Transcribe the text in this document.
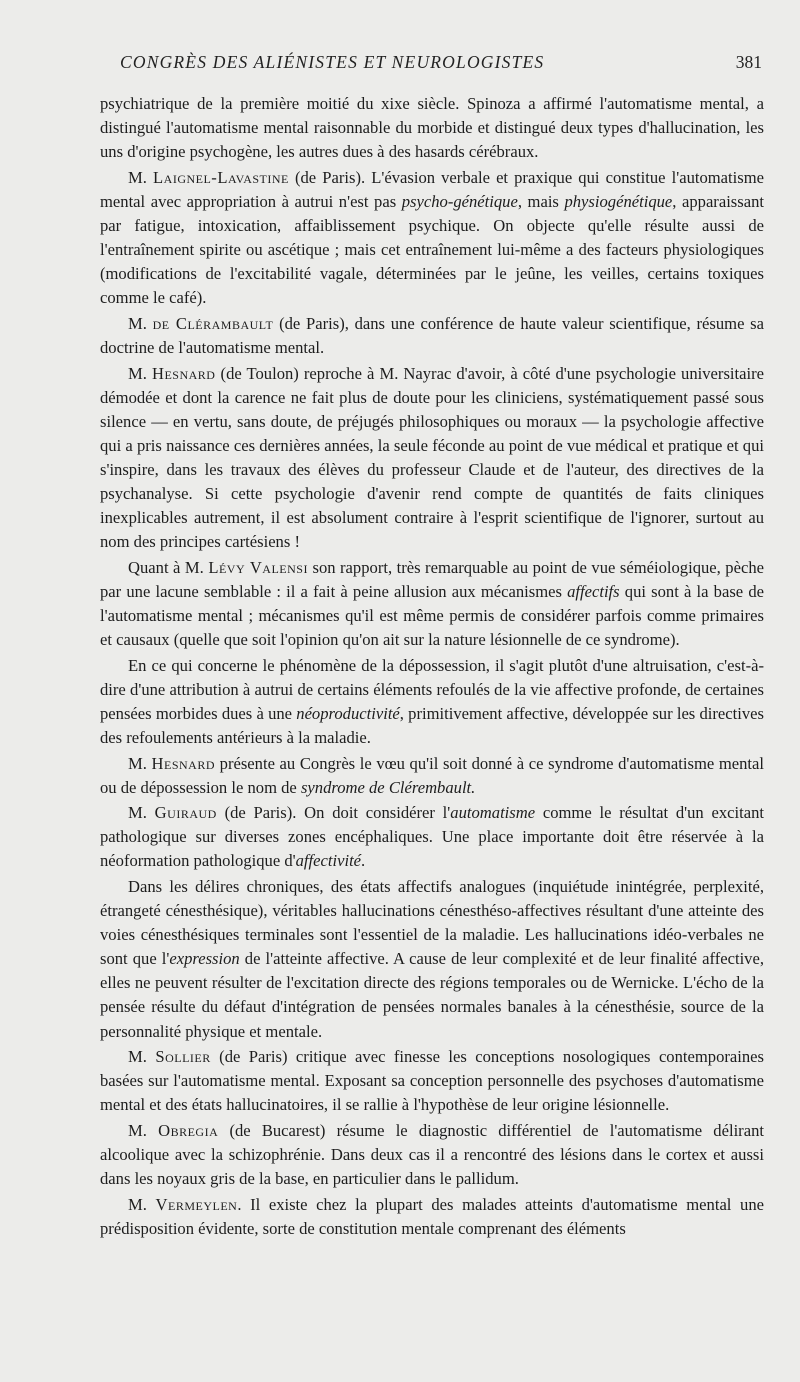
CONGRÈS DES ALIÉNISTES ET NEUROLOGISTES	381

psychiatrique de la première moitié du xixe siècle. Spinoza a affirmé l'automatisme mental, a distingué l'automatisme mental raisonnable du morbide et distingué deux types d'hallucination, les uns d'origine psychogène, les autres dues à des hasards cérébraux.

M. Laignel-Lavastine (de Paris). L'évasion verbale et praxique qui constitue l'automatisme mental avec appropriation à autrui n'est pas psycho-génétique, mais physiogénétique, apparaissant par fatigue, intoxication, affaiblissement psychique. On objecte qu'elle résulte aussi de l'entraînement spirite ou ascétique ; mais cet entraînement lui-même a des facteurs physiologiques (modifications de l'excitabilité vagale, déterminées par le jeûne, les veilles, certains toxiques comme le café).

M. de Clérambault (de Paris), dans une conférence de haute valeur scientifique, résume sa doctrine de l'automatisme mental.

M. Hesnard (de Toulon) reproche à M. Nayrac d'avoir, à côté d'une psychologie universitaire démodée et dont la carence ne fait plus de doute pour les cliniciens, systématiquement passé sous silence — en vertu, sans doute, de préjugés philosophiques ou moraux — la psychologie affective qui a pris naissance ces dernières années, la seule féconde au point de vue médical et pratique et qui s'inspire, dans les travaux des élèves du professeur Claude et de l'auteur, des directives de la psychanalyse. Si cette psychologie d'avenir rend compte de quantités de faits cliniques inexplicables autrement, il est absolument contraire à l'esprit scientifique de l'ignorer, surtout au nom des principes cartésiens !

Quant à M. Lévy Valensi son rapport, très remarquable au point de vue séméiologique, pèche par une lacune semblable : il a fait à peine allusion aux mécanismes affectifs qui sont à la base de l'automatisme mental ; mécanismes qu'il est même permis de considérer parfois comme primaires et causaux (quelle que soit l'opinion qu'on ait sur la nature lésionnelle de ce syndrome).

En ce qui concerne le phénomène de la dépossession, il s'agit plutôt d'une altruisation, c'est-à-dire d'une attribution à autrui de certains éléments refoulés de la vie affective profonde, de certaines pensées morbides dues à une néoproductivité, primitivement affective, développée sur les directives des refoulements antérieurs à la maladie.

M. Hesnard présente au Congrès le vœu qu'il soit donné à ce syndrome d'automatisme mental ou de dépossession le nom de syndrome de Clérembault.

M. Guiraud (de Paris). On doit considérer l'automatisme comme le résultat d'un excitant pathologique sur diverses zones encéphaliques. Une place importante doit être réservée à la néoformation pathologique d'affectivité.

Dans les délires chroniques, des états affectifs analogues (inquiétude inintégrée, perplexité, étrangeté cénesthésique), véritables hallucinations cénesthéso-affectives résultant d'une atteinte des voies cénesthésiques terminales sont l'essentiel de la maladie. Les hallucinations idéo-verbales ne sont que l'expression de l'atteinte affective. A cause de leur complexité et de leur finalité affective, elles ne peuvent résulter de l'excitation directe des régions temporales ou de Wernicke. L'écho de la pensée résulte du défaut d'intégration de pensées normales banales à la cénesthésie, source de la personnalité physique et mentale.

M. Sollier (de Paris) critique avec finesse les conceptions nosologiques contemporaines basées sur l'automatisme mental. Exposant sa conception personnelle des psychoses d'automatisme mental et des états hallucinatoires, il se rallie à l'hypothèse de leur origine lésionnelle.

M. Obregia (de Bucarest) résume le diagnostic différentiel de l'automatisme délirant alcoolique avec la schizophrénie. Dans deux cas il a rencontré des lésions dans le cortex et aussi dans les noyaux gris de la base, en particulier dans le pallidum.

M. Vermeylen. Il existe chez la plupart des malades atteints d'automatisme mental une prédisposition évidente, sorte de constitution mentale comprenant des éléments
